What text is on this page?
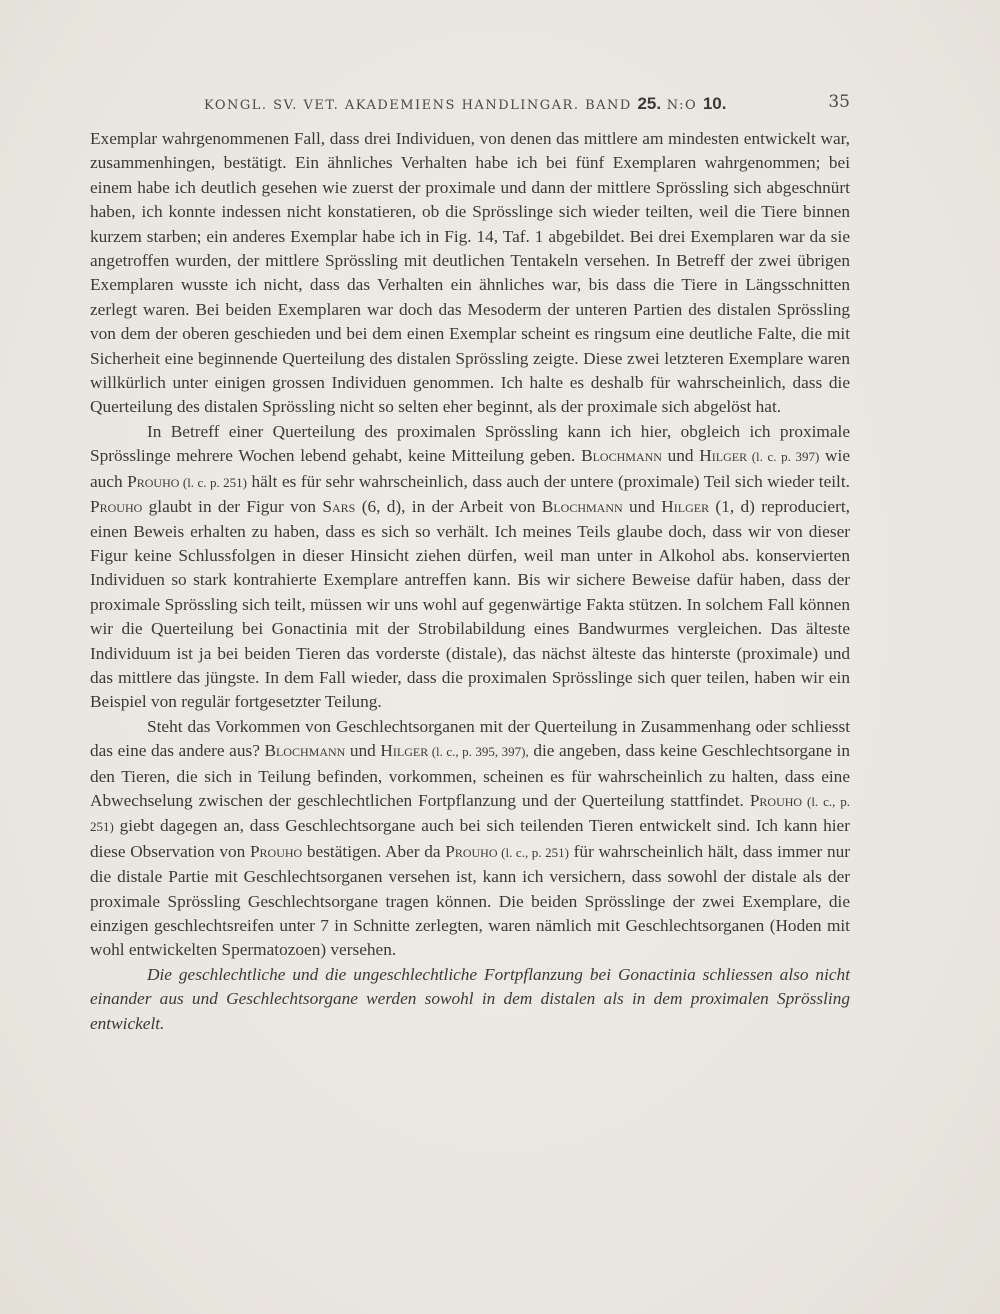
KONGL. SV. VET. AKADEMIENS HANDLINGAR. BAND 25. N:O 10.	35

Exemplar wahrgenommenen Fall, dass drei Individuen, von denen das mittlere am mindesten entwickelt war, zusammenhingen, bestätigt. Ein ähnliches Verhalten habe ich bei fünf Exemplaren wahrgenommen; bei einem habe ich deutlich gesehen wie zuerst der proximale und dann der mittlere Sprössling sich abgeschnürt haben, ich konnte indessen nicht konstatieren, ob die Sprösslinge sich wieder teilten, weil die Tiere binnen kurzem starben; ein anderes Exemplar habe ich in Fig. 14, Taf. 1 abgebildet. Bei drei Exemplaren war da sie angetroffen wurden, der mittlere Sprössling mit deutlichen Tentakeln versehen. In Betreff der zwei übrigen Exemplaren wusste ich nicht, dass das Verhalten ein ähnliches war, bis dass die Tiere in Längsschnitten zerlegt waren. Bei beiden Exemplaren war doch das Mesoderm der unteren Partien des distalen Sprössling von dem der oberen geschieden und bei dem einen Exemplar scheint es ringsum eine deutliche Falte, die mit Sicherheit eine beginnende Querteilung des distalen Sprössling zeigte. Diese zwei letzteren Exemplare waren willkürlich unter einigen grossen Individuen genommen. Ich halte es deshalb für wahrscheinlich, dass die Querteilung des distalen Sprössling nicht so selten eher beginnt, als der proximale sich abgelöst hat.

In Betreff einer Querteilung des proximalen Sprössling kann ich hier, obgleich ich proximale Sprösslinge mehrere Wochen lebend gehabt, keine Mitteilung geben. Blochmann und Hilger (l. c. p. 397) wie auch Prouho (l. c. p. 251) hält es für sehr wahrscheinlich, dass auch der untere (proximale) Teil sich wieder teilt. Prouho glaubt in der Figur von Sars (6, d), in der Arbeit von Blochmann und Hilger (1, d) reproduciert, einen Beweis erhalten zu haben, dass es sich so verhält. Ich meines Teils glaube doch, dass wir von dieser Figur keine Schlussfolgen in dieser Hinsicht ziehen dürfen, weil man unter in Alkohol abs. konservierten Individuen so stark kontrahierte Exemplare antreffen kann. Bis wir sichere Beweise dafür haben, dass der proximale Sprössling sich teilt, müssen wir uns wohl auf gegenwärtige Fakta stützen. In solchem Fall können wir die Querteilung bei Gonactinia mit der Strobilabildung eines Bandwurmes vergleichen. Das älteste Individuum ist ja bei beiden Tieren das vorderste (distale), das nächst älteste das hinterste (proximale) und das mittlere das jüngste. In dem Fall wieder, dass die proximalen Sprösslinge sich quer teilen, haben wir ein Beispiel von regulär fortgesetzter Teilung.

Steht das Vorkommen von Geschlechtsorganen mit der Querteilung in Zusammenhang oder schliesst das eine das andere aus? Blochmann und Hilger (l. c., p. 395, 397), die angeben, dass keine Geschlechtsorgane in den Tieren, die sich in Teilung befinden, vorkommen, scheinen es für wahrscheinlich zu halten, dass eine Abwechselung zwischen der geschlechtlichen Fortpflanzung und der Querteilung stattfindet. Prouho (l. c., p. 251) giebt dagegen an, dass Geschlechtsorgane auch bei sich teilenden Tieren entwickelt sind. Ich kann hier diese Observation von Prouho bestätigen. Aber da Prouho (l. c., p. 251) für wahrscheinlich hält, dass immer nur die distale Partie mit Geschlechtsorganen versehen ist, kann ich versichern, dass sowohl der distale als der proximale Sprössling Geschlechtsorgane tragen können. Die beiden Sprösslinge der zwei Exemplare, die einzigen geschlechtsreifen unter 7 in Schnitte zerlegten, waren nämlich mit Geschlechtsorganen (Hoden mit wohl entwickelten Spermatozoen) versehen.

Die geschlechtliche und die ungeschlechtliche Fortpflanzung bei Gonactinia schliessen also nicht einander aus und Geschlechtsorgane werden sowohl in dem distalen als in dem proximalen Sprössling entwickelt.
